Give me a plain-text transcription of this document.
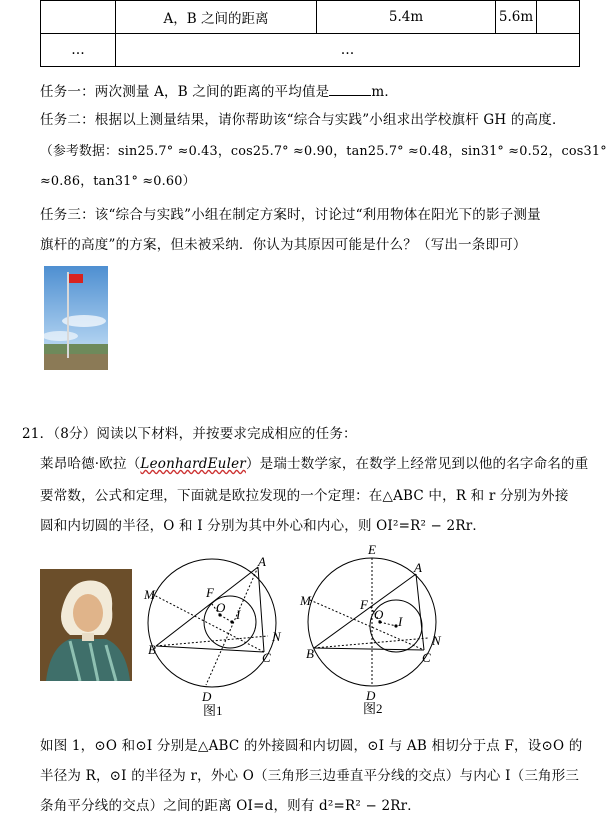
	A，B 之间的距离	5.4m	5.6m	
…	…			
任务一：两次测量 A，B 之间的距离的平均值是	m．
任务二：根据以上测量结果，请你帮助该“综合与实践”小组求出学校旗杆 GH 的高度．
（参考数据：sin25.7° ≈0.43，cos25.7° ≈0.90，tan25.7° ≈0.48，sin31° ≈0.52，cos31°
≈0.86，tan31° ≈0.60）
任务三：该“综合与实践”小组在制定方案时，讨论过“利用物体在阳光下的影子测量
旗杆的高度”的方案，但未被采纳．你认为其原因可能是什么？（写出一条即可）
21．（8分）阅读以下材料，并按要求完成相应的任务：
莱昂哈德·欧拉（LeonhardEuler）是瑞士数学家，在数学上经常见到以他的名字命名的重
要常数，公式和定理，下面就是欧拉发现的一个定理：在△ABC 中，R 和 r 分别为外接
圆和内切圆的半径，O 和 I 分别为其中外心和内心，则 OI²=R² − 2Rr．
A
M	F
O I
N
B
C
D
图1
E
A
M	F
O I
N
B	C
D
图2
如图 1，⊙O 和⊙I 分别是△ABC 的外接圆和内切圆，⊙I 与 AB 相切分于点 F，设⊙O 的
半径为 R，⊙I 的半径为 r，外心 O（三角形三边垂直平分线的交点）与内心 I（三角形三
条角平分线的交点）之间的距离 OI=d，则有 d²=R² − 2Rr．
